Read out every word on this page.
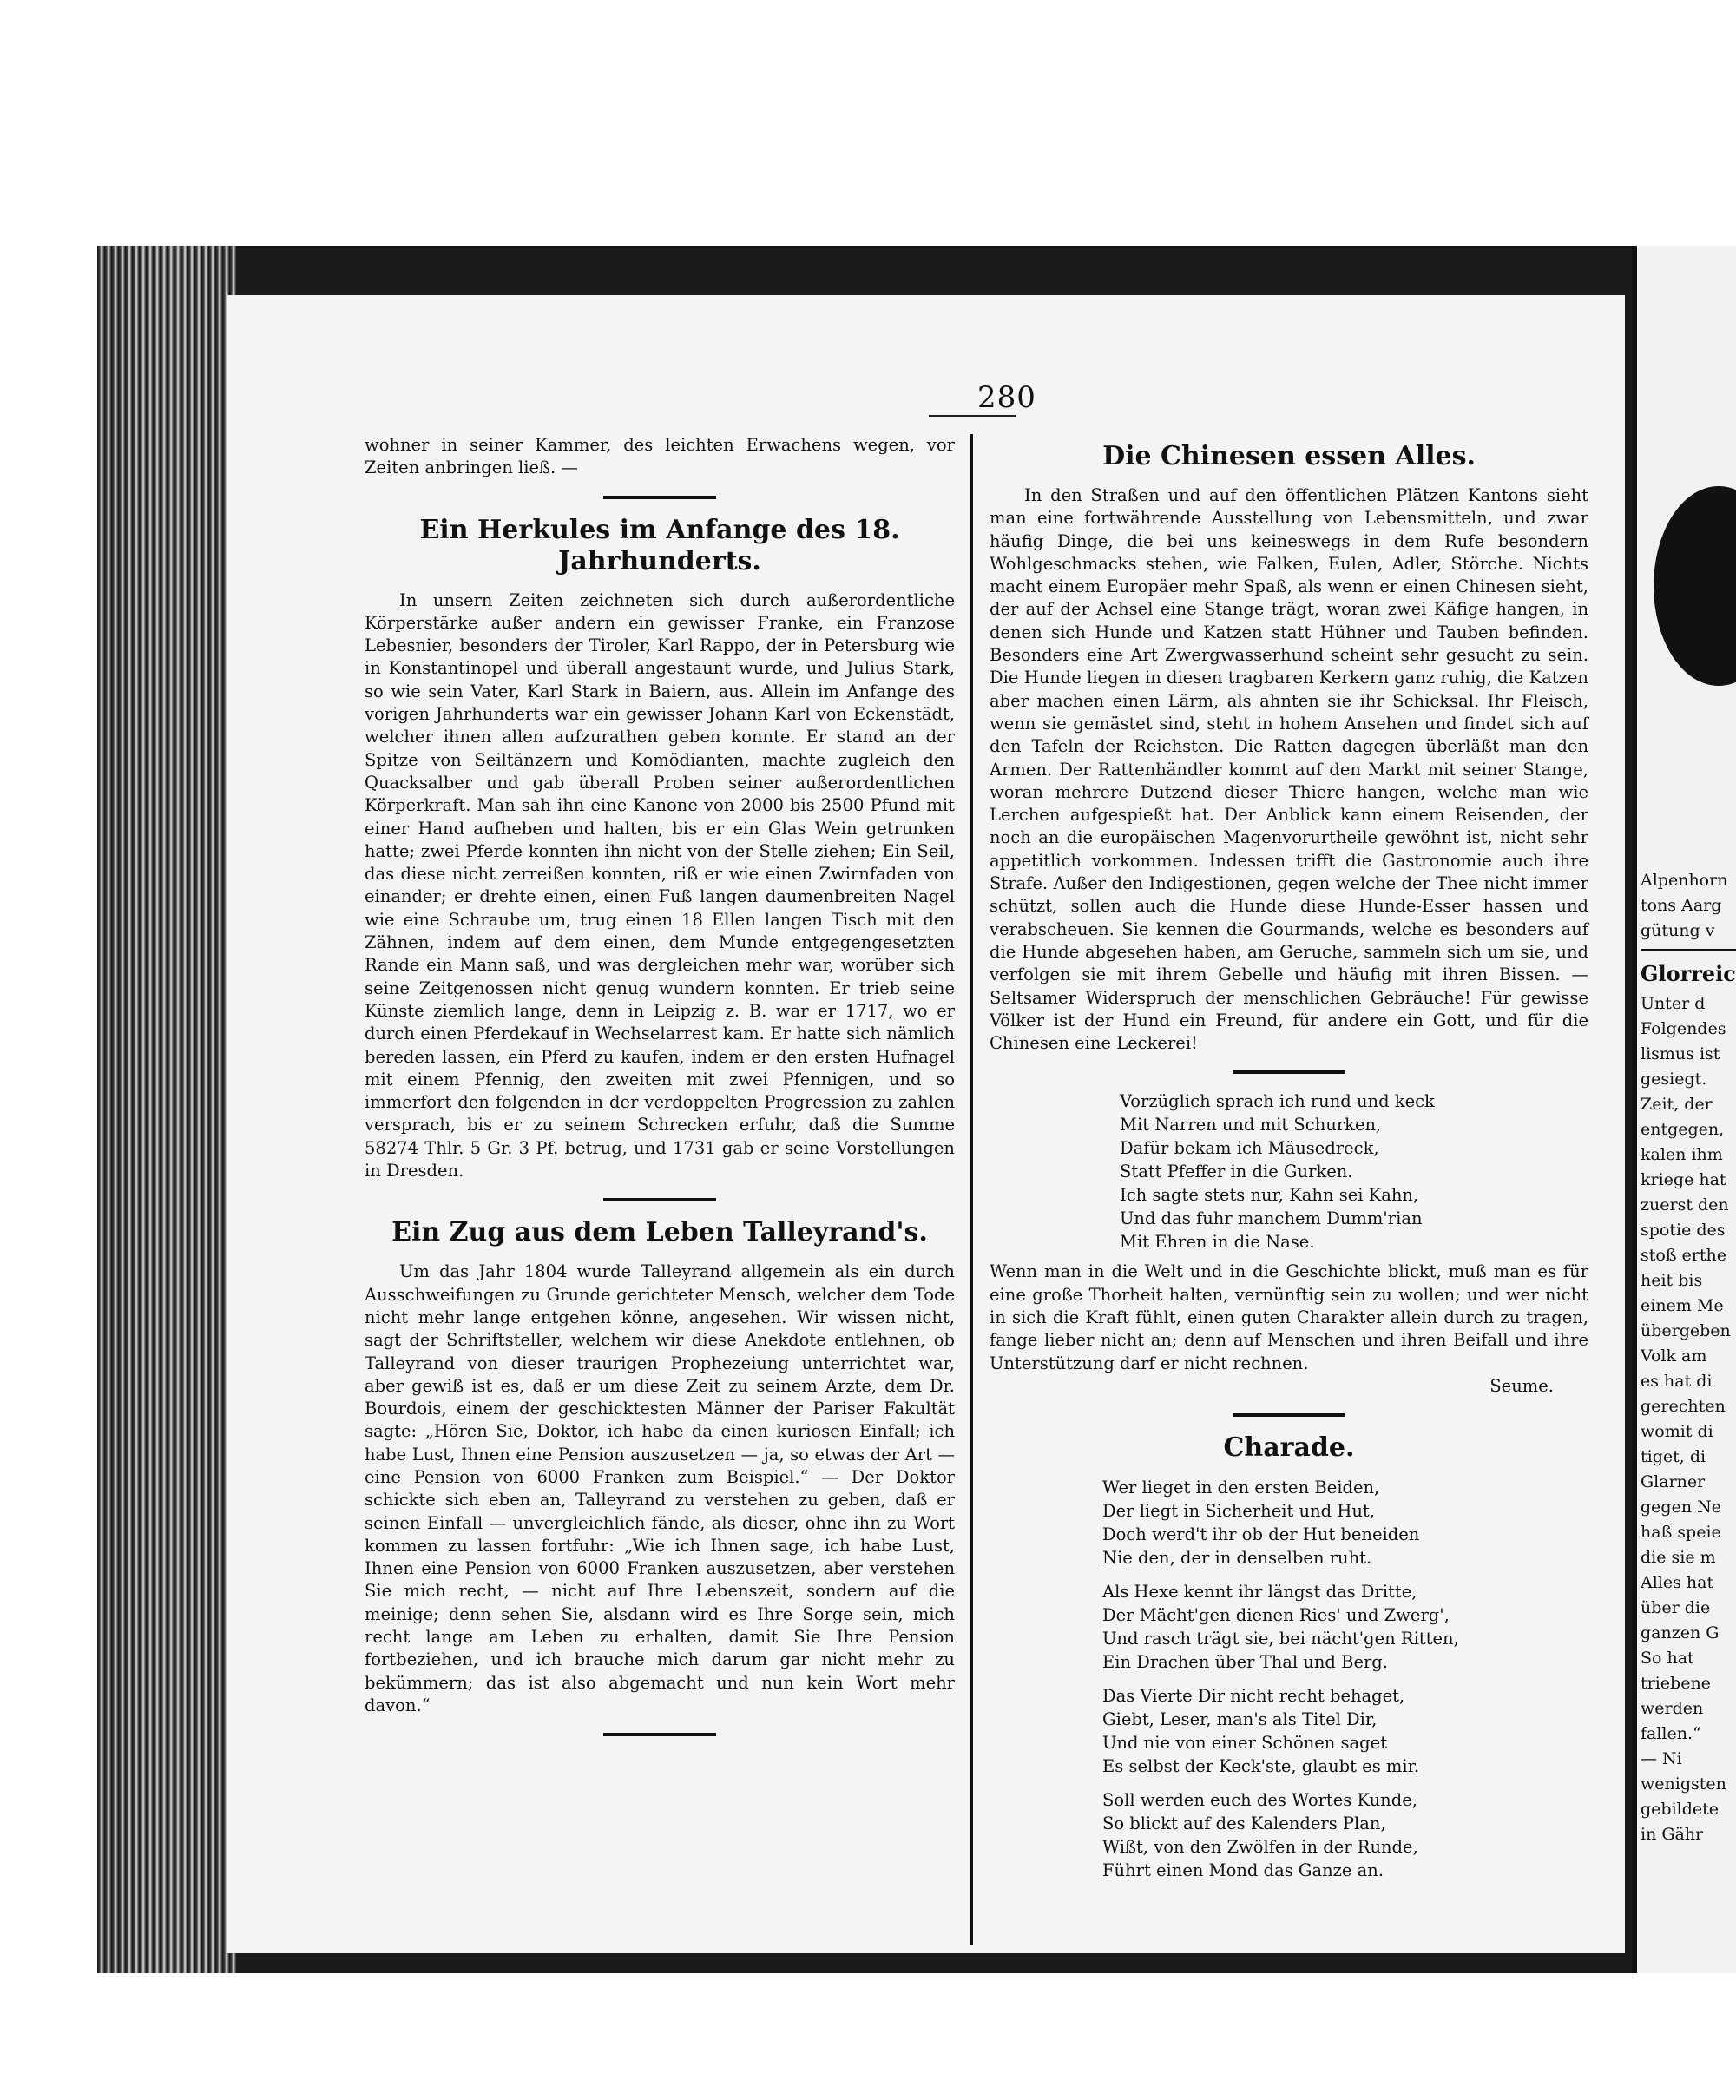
Alpenhorn
tons Aarg
gütung v
Glorreic
Unter d
Folgendes
lismus ist
gesiegt.
Zeit, der
entgegen,
kalen ihm
kriege hat
zuerst den
spotie des
stoß erthe
heit bis
einem Me
übergeben
Volk am
es hat di
gerechten
womit di
tiget, di
Glarner
gegen Ne
haß speie
die sie m
Alles hat
über die
ganzen G
So hat
triebene
werden
fallen.“
— Ni
wenigsten
gebildete
in Gähr
280

wohner in seiner Kammer, des leichten Erwachens wegen, vor Zeiten anbringen ließ. —

Ein Herkules im Anfange des 18. Jahrhunderts.

In unsern Zeiten zeichneten sich durch außerordentliche Körperstärke außer andern ein gewisser Franke, ein Franzose Lebesnier, besonders der Tiroler, Karl Rappo, der in Petersburg wie in Konstantinopel und überall angestaunt wurde, und Julius Stark, so wie sein Vater, Karl Stark in Baiern, aus. Allein im Anfange des vorigen Jahrhunderts war ein gewisser Johann Karl von Eckenstädt, welcher ihnen allen aufzurathen geben konnte. Er stand an der Spitze von Seiltänzern und Komödianten, machte zugleich den Quacksalber und gab überall Proben seiner außerordentlichen Körperkraft. Man sah ihn eine Kanone von 2000 bis 2500 Pfund mit einer Hand aufheben und halten, bis er ein Glas Wein getrunken hatte; zwei Pferde konnten ihn nicht von der Stelle ziehen; Ein Seil, das diese nicht zerreißen konnten, riß er wie einen Zwirnfaden von einander; er drehte einen, einen Fuß langen daumenbreiten Nagel wie eine Schraube um, trug einen 18 Ellen langen Tisch mit den Zähnen, indem auf dem einen, dem Munde entgegengesetzten Rande ein Mann saß, und was dergleichen mehr war, worüber sich seine Zeitgenossen nicht genug wundern konnten. Er trieb seine Künste ziemlich lange, denn in Leipzig z. B. war er 1717, wo er durch einen Pferdekauf in Wechselarrest kam. Er hatte sich nämlich bereden lassen, ein Pferd zu kaufen, indem er den ersten Hufnagel mit einem Pfennig, den zweiten mit zwei Pfennigen, und so immerfort den folgenden in der verdoppelten Progression zu zahlen versprach, bis er zu seinem Schrecken erfuhr, daß die Summe 58274 Thlr. 5 Gr. 3 Pf. betrug, und 1731 gab er seine Vorstellungen in Dresden.

Ein Zug aus dem Leben Talleyrand's.

Um das Jahr 1804 wurde Talleyrand allgemein als ein durch Ausschweifungen zu Grunde gerichteter Mensch, welcher dem Tode nicht mehr lange entgehen könne, angesehen. Wir wissen nicht, sagt der Schriftsteller, welchem wir diese Anekdote entlehnen, ob Talleyrand von dieser traurigen Prophezeiung unterrichtet war, aber gewiß ist es, daß er um diese Zeit zu seinem Arzte, dem Dr. Bourdois, einem der geschicktesten Männer der Pariser Fakultät sagte: „Hören Sie, Doktor, ich habe da einen kuriosen Einfall; ich habe Lust, Ihnen eine Pension auszusetzen — ja, so etwas der Art — eine Pension von 6000 Franken zum Beispiel.“ — Der Doktor schickte sich eben an, Talleyrand zu verstehen zu geben, daß er seinen Einfall — unvergleichlich fände, als dieser, ohne ihn zu Wort kommen zu lassen fortfuhr: „Wie ich Ihnen sage, ich habe Lust, Ihnen eine Pension von 6000 Franken auszusetzen, aber verstehen Sie mich recht, — nicht auf Ihre Lebenszeit, sondern auf die meinige; denn sehen Sie, alsdann wird es Ihre Sorge sein, mich recht lange am Leben zu erhalten, damit Sie Ihre Pension fortbeziehen, und ich brauche mich darum gar nicht mehr zu bekümmern; das ist also abgemacht und nun kein Wort mehr davon.“

Die Chinesen essen Alles.

In den Straßen und auf den öffentlichen Plätzen Kantons sieht man eine fortwährende Ausstellung von Lebensmitteln, und zwar häufig Dinge, die bei uns keineswegs in dem Rufe besondern Wohlgeschmacks stehen, wie Falken, Eulen, Adler, Störche. Nichts macht einem Europäer mehr Spaß, als wenn er einen Chinesen sieht, der auf der Achsel eine Stange trägt, woran zwei Käfige hangen, in denen sich Hunde und Katzen statt Hühner und Tauben befinden. Besonders eine Art Zwergwasserhund scheint sehr gesucht zu sein. Die Hunde liegen in diesen tragbaren Kerkern ganz ruhig, die Katzen aber machen einen Lärm, als ahnten sie ihr Schicksal. Ihr Fleisch, wenn sie gemästet sind, steht in hohem Ansehen und findet sich auf den Tafeln der Reichsten. Die Ratten dagegen überläßt man den Armen. Der Rattenhändler kommt auf den Markt mit seiner Stange, woran mehrere Dutzend dieser Thiere hangen, welche man wie Lerchen aufgespießt hat. Der Anblick kann einem Reisenden, der noch an die europäischen Magenvorurtheile gewöhnt ist, nicht sehr appetitlich vorkommen. Indessen trifft die Gastronomie auch ihre Strafe. Außer den Indigestionen, gegen welche der Thee nicht immer schützt, sollen auch die Hunde diese Hunde-Esser hassen und verabscheuen. Sie kennen die Gourmands, welche es besonders auf die Hunde abgesehen haben, am Geruche, sammeln sich um sie, und verfolgen sie mit ihrem Gebelle und häufig mit ihren Bissen. — Seltsamer Widerspruch der menschlichen Gebräuche! Für gewisse Völker ist der Hund ein Freund, für andere ein Gott, und für die Chinesen eine Leckerei!

Vorzüglich sprach ich rund und keck
Mit Narren und mit Schurken,
Dafür bekam ich Mäusedreck,
Statt Pfeffer in die Gurken.
Ich sagte stets nur, Kahn sei Kahn,
Und das fuhr manchem Dumm'rian
Mit Ehren in die Nase.

Wenn man in die Welt und in die Geschichte blickt, muß man es für eine große Thorheit halten, vernünftig sein zu wollen; und wer nicht in sich die Kraft fühlt, einen guten Charakter allein durch zu tragen, fange lieber nicht an; denn auf Menschen und ihren Beifall und ihre Unterstützung darf er nicht rechnen.

Seume.
Charade.
Wer lieget in den ersten Beiden,
Der liegt in Sicherheit und Hut,
Doch werd't ihr ob der Hut beneiden
Nie den, der in denselben ruht.
Als Hexe kennt ihr längst das Dritte,
Der Mächt'gen dienen Ries' und Zwerg',
Und rasch trägt sie, bei nächt'gen Ritten,
Ein Drachen über Thal und Berg.
Das Vierte Dir nicht recht behaget,
Giebt, Leser, man's als Titel Dir,
Und nie von einer Schönen saget
Es selbst der Keck'ste, glaubt es mir.
Soll werden euch des Wortes Kunde,
So blickt auf des Kalenders Plan,
Wißt, von den Zwölfen in der Runde,
Führt einen Mond das Ganze an.
